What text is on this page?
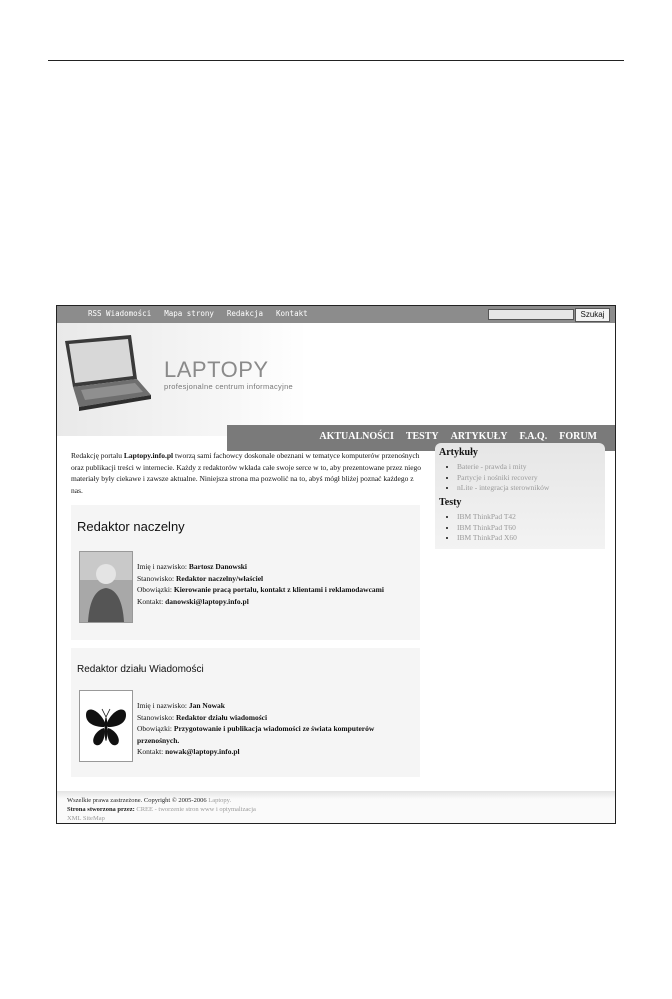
RSS Wiadomości Mapa strony Redakcja Kontakt	Szukaj
LAPTOPY
profesjonalne centrum informacyjne
AKTUALNOŚCI TESTY ARTYKUŁY F.A.Q. FORUM
Redakcję portalu Laptopy.info.pl tworzą sami fachowcy doskonale obeznani w tematyce komputerów przenośnych oraz publikacji treści w internecie. Każdy z redaktorów wkłada całe swoje serce w to, aby prezentowane przez niego materiały były ciekawe i zawsze aktualne. Niniejsza strona ma pozwolić na to, abyś mógł bliżej poznać każdego z nas.
Redaktor naczelny
Imię i nazwisko: Bartosz Danowski
Stanowisko: Redaktor naczelny/właściel
Obowiązki: Kierowanie pracą portalu, kontakt z klientami i reklamodawcami
Kontakt: danowski@laptopy.info.pl
Redaktor działu Wiadomości
Imię i nazwisko: Jan Nowak
Stanowisko: Redaktor działu wiadomości
Obowiązki: Przygotowanie i publikacja wiadomości ze świata komputerów przenośnych.
Kontakt: nowak@laptopy.info.pl
Artykuły
• Baterie - prawda i mity
• Partycje i nośniki recovery
• nLite - integracja sterowników
Testy
• IBM ThinkPad T42
• IBM ThinkPad T60
• IBM ThinkPad X60
Wszelkie prawa zastrzeżone. Copyright © 2005-2006 Laptopy.
Strona stworzona przez: CREE - tworzenie stron www i optymalizacja
XML SiteMap
